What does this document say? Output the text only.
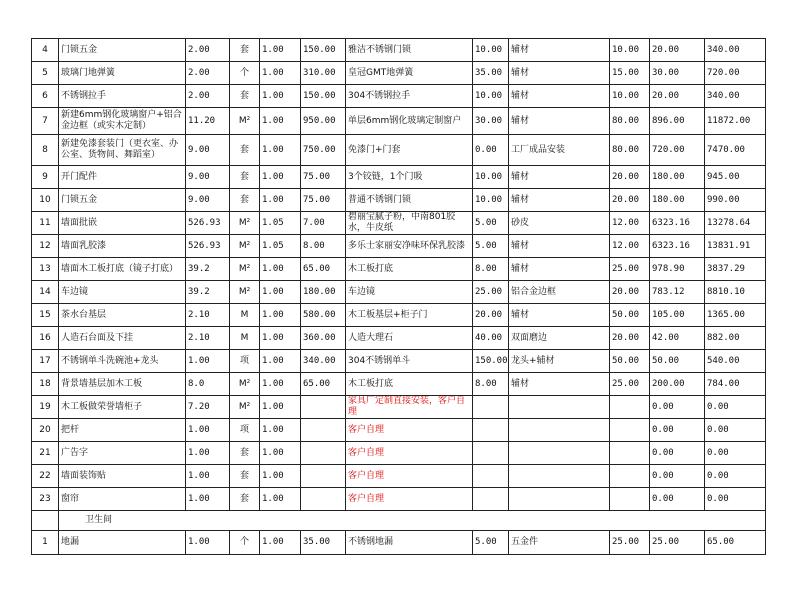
4	门锁五金	2.00	套	1.00	150.00	雅洁不锈钢门锁	10.00	辅材	10.00	20.00	340.00
5	玻璃门地弹簧	2.00	个	1.00	310.00	皇冠GMT地弹簧	35.00	辅材	15.00	30.00	720.00
6	不锈钢拉手	2.00	套	1.00	150.00	304不锈钢拉手	10.00	辅材	10.00	20.00	340.00
7	新建6mm钢化玻璃窗户+铝合金边框（或实木定制）	11.20	M²	1.00	950.00	单层6mm钢化玻璃定制窗户	30.00	辅材	80.00	896.00	11872.00
8	新建免漆套装门（更衣室、办公室、货物间、舞蹈室）	9.00	套	1.00	750.00	免漆门+门套	0.00	工厂成品安装	80.00	720.00	7470.00
9	开门配件	9.00	套	1.00	75.00	3个铰链，1个门吸	10.00	辅材	20.00	180.00	945.00
10	门锁五金	9.00	套	1.00	75.00	普通不锈钢门锁	10.00	辅材	20.00	180.00	990.00
11	墙面批嵌	526.93	M²	1.05	7.00	碧丽宝腻子粉，中南801胶水，牛皮纸	5.00	砂皮	12.00	6323.16	13278.64
12	墙面乳胶漆	526.93	M²	1.05	8.00	多乐士家丽安净味环保乳胶漆	5.00	辅材	12.00	6323.16	13831.91
13	墙面木工板打底（镜子打底）	39.2	M²	1.00	65.00	木工板打底	8.00	辅材	25.00	978.90	3837.29
14	车边镜	39.2	M²	1.00	180.00	车边镜	25.00	铝合金边框	20.00	783.12	8810.10
15	茶水台基层	2.10	M	1.00	580.00	木工板基层+柜子门	20.00	辅材	50.00	105.00	1365.00
16	人造石台面及下挂	2.10	M	1.00	360.00	人造大理石	40.00	双面磨边	20.00	42.00	882.00
17	不锈钢单斗洗碗池+龙头	1.00	项	1.00	340.00	304不锈钢单斗	150.00	龙头+辅材	50.00	50.00	540.00
18	背景墙基层加木工板	8.0	M²	1.00	65.00	木工板打底	8.00	辅材	25.00	200.00	784.00
19	木工板做荣誉墙柜子	7.20	M²	1.00		家具厂定制直接安装，客户自理				0.00	0.00
20	把杆	1.00	项	1.00		客户自理				0.00	0.00
21	广告字	1.00	套	1.00		客户自理				0.00	0.00
22	墙面装饰贴	1.00	套	1.00		客户自理				0.00	0.00
23	窗帘	1.00	套	1.00		客户自理				0.00	0.00
	卫生间										
1	地漏	1.00	个	1.00	35.00	不锈钢地漏	5.00	五金件	25.00	25.00	65.00
